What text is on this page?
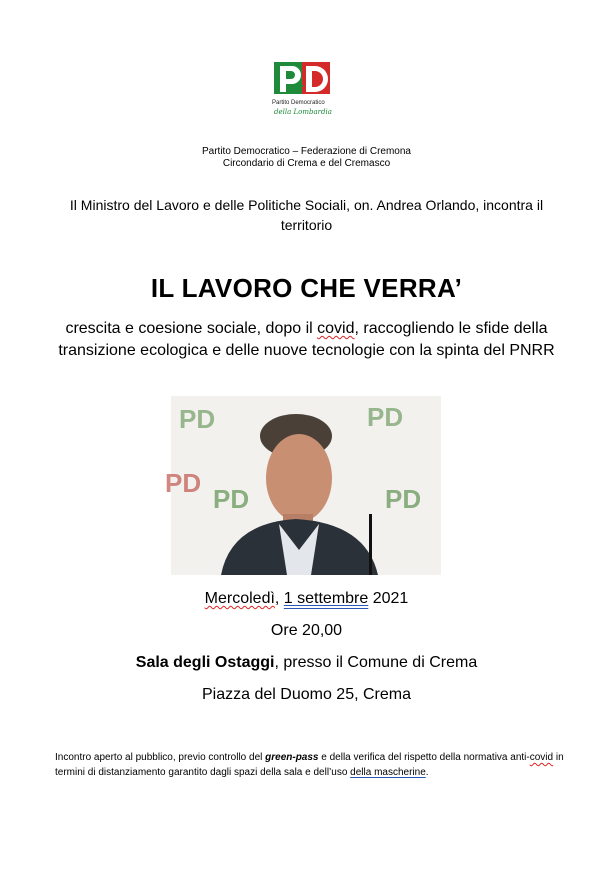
Partito Democratico
della Lombardia
Partito Democratico – Federazione di Cremona
Circondario di Crema e del Cremasco
Il Ministro del Lavoro e delle Politiche Sociali, on. Andrea Orlando, incontra il territorio
IL LAVORO CHE VERRA’
crescita e coesione sociale, dopo il covid, raccogliendo le sfide della transizione ecologica e delle nuove tecnologie con la spinta del PNRR
PD	PD
PD	PD
PD
Mercoledì, 1 settembre 2021
Ore 20,00
Sala degli Ostaggi, presso il Comune di Crema
Piazza del Duomo 25, Crema
Incontro aperto al pubblico, previo controllo del green-pass e della verifica del rispetto della normativa anti-covid in termini di distanziamento garantito dagli spazi della sala e dell’uso della mascherine.
